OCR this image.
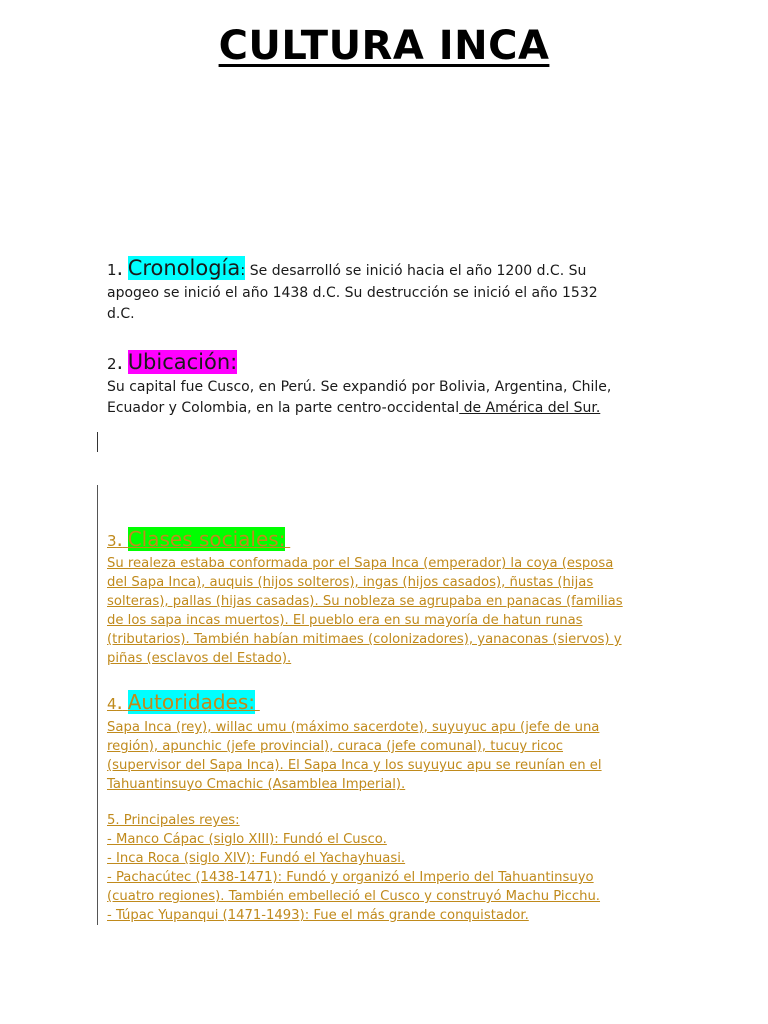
CULTURA INCA
1. Cronología: Se desarrolló se inició hacia el año 1200 d.C. Su
apogeo se inició el año 1438 d.C. Su destrucción se inició el año 1532
d.C.
2. Ubicación:
Su capital fue Cusco, en Perú. Se expandió por Bolivia, Argentina, Chile,
Ecuador y Colombia, en la parte centro-occidental de América del Sur.
3. Clases sociales:
Su realeza estaba conformada por el Sapa Inca (emperador) la coya (esposa
del Sapa Inca), auquis (hijos solteros), ingas (hijos casados), ñustas (hijas
solteras), pallas (hijas casadas). Su nobleza se agrupaba en panacas (familias
de los sapa incas muertos). El pueblo era en su mayoría de hatun runas
(tributarios). También habían mitimaes (colonizadores), yanaconas (siervos) y
piñas (esclavos del Estado).
4. Autoridades:
Sapa Inca (rey), willac umu (máximo sacerdote), suyuyuc apu (jefe de una
región), apunchic (jefe provincial), curaca (jefe comunal), tucuy ricoc
(supervisor del Sapa Inca). El Sapa Inca y los suyuyuc apu se reunían en el
Tahuantinsuyo Cmachic (Asamblea Imperial).
5. Principales reyes:
- Manco Cápac (siglo XIII): Fundó el Cusco.
- Inca Roca (siglo XIV): Fundó el Yachayhuasi.
- Pachacútec (1438-1471): Fundó y organizó el Imperio del Tahuantinsuyo
(cuatro regiones). También embelleció el Cusco y construyó Machu Picchu.
- Túpac Yupanqui (1471-1493): Fue el más grande conquistador.
